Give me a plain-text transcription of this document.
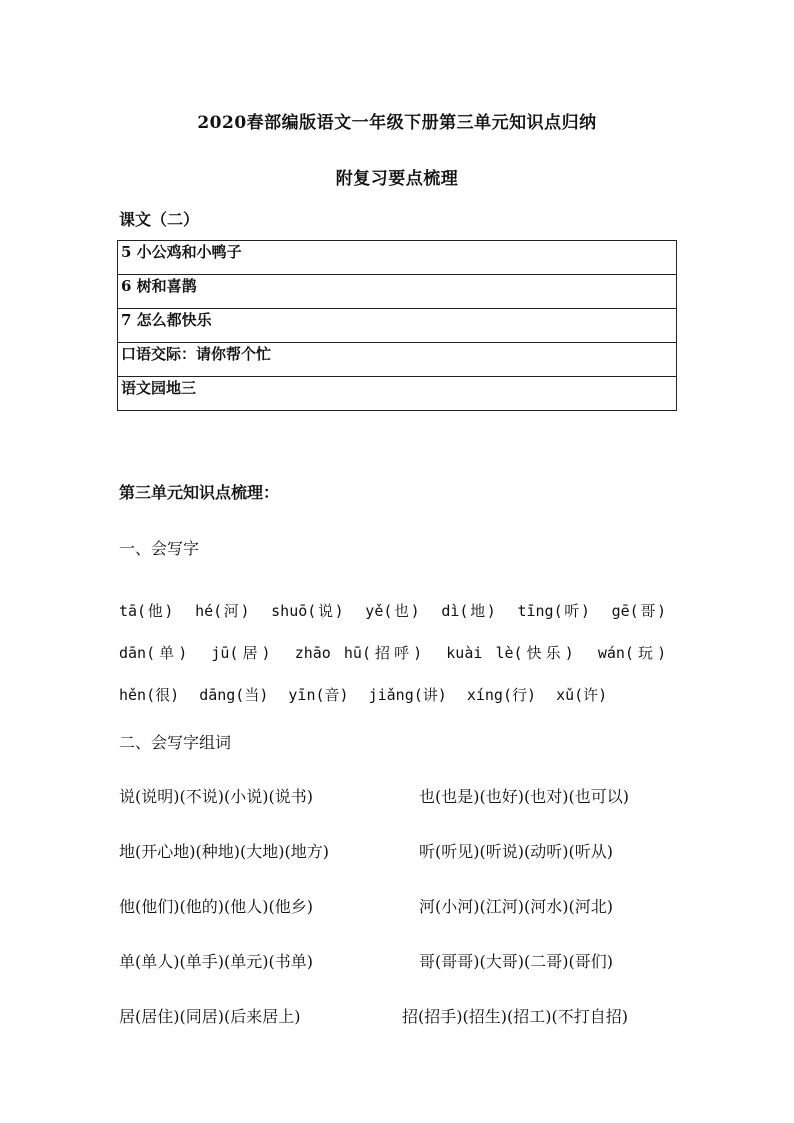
2020春部编版语文一年级下册第三单元知识点归纳
附复习要点梳理
课文（二）
5 小公鸡和小鸭子
6 树和喜鹊
7 怎么都快乐
口语交际：请你帮个忙
语文园地三
第三单元知识点梳理：
一、会写字
tā(他) hé(河) shuō(说) yě(也) dì(地) tīng(听) gē(哥) dān(单) jū(居) zhāo hū(招呼) kuài lè(快乐) wán(玩) hěn(很) dāng(当) yīn(音) jiǎng(讲) xíng(行) xǔ(许)
二、会写字组词
说(说明)(不说)(小说)(说书)	也(也是)(也好)(也对)(也可以)
地(开心地)(种地)(大地)(地方)	听(听见)(听说)(动听)(听从)
他(他们)(他的)(他人)(他乡)	河(小河)(江河)(河水)(河北)
单(单人)(单手)(单元)(书单)	哥(哥哥)(大哥)(二哥)(哥们)
居(居住)(同居)(后来居上)	招(招手)(招生)(招工)(不打自招)
